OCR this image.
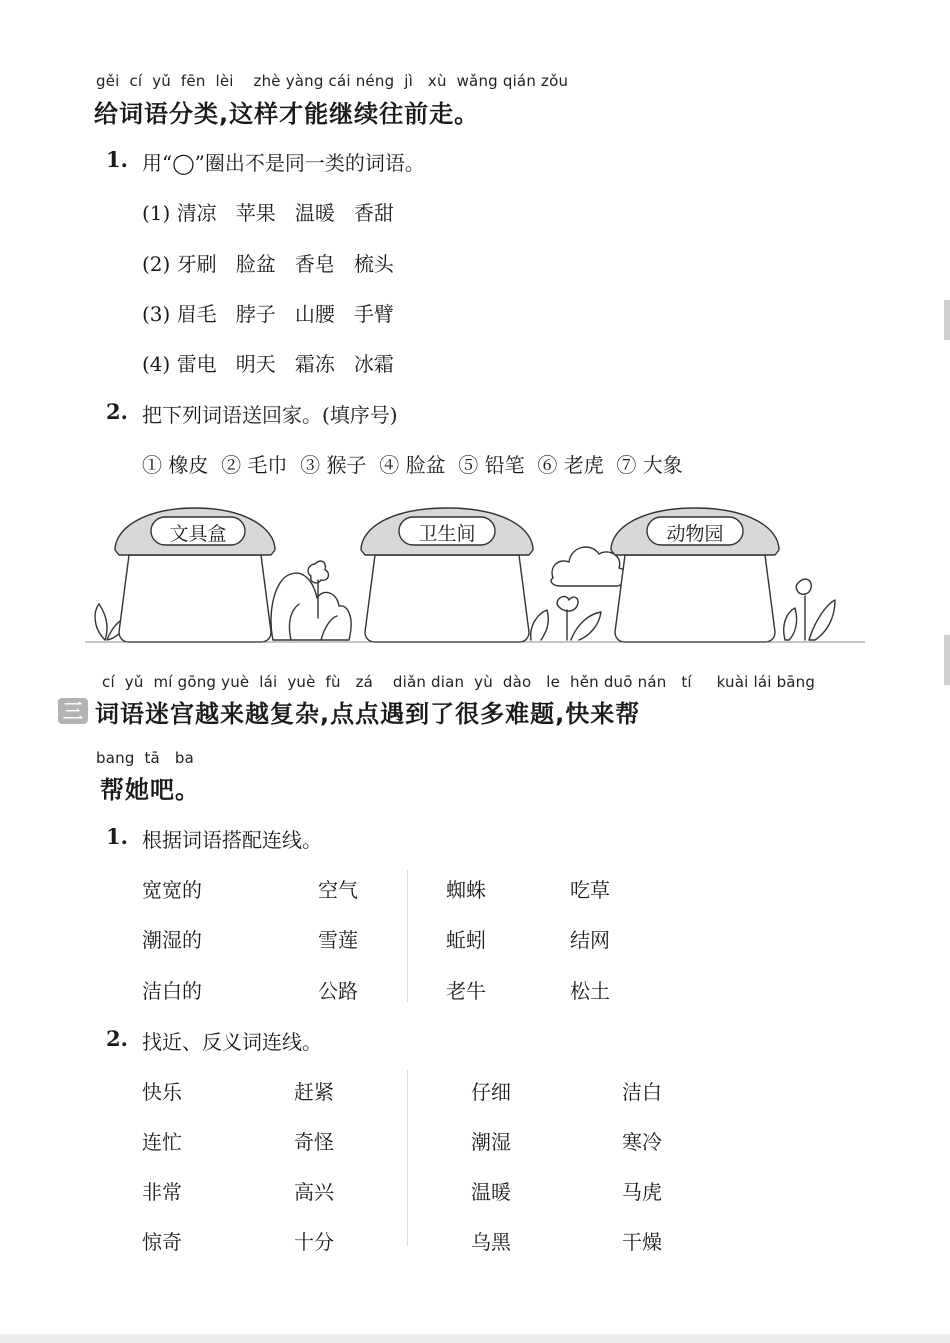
gěi  cí  yǔ  fēn  lèi    zhè yàng cái néng  jì   xù  wǎng qián zǒu
给词语分类,这样才能继续往前走。
1. 用“◯”圈出不是同一类的词语。
(1) 清凉   苹果   温暖   香甜
(2) 牙刷   脸盆   香皂   梳头
(3) 眉毛   脖子   山腰   手臂
(4) 雷电   明天   霜冻   冰霜
2. 把下列词语送回家。(填序号)
① 橡皮  ② 毛巾  ③ 猴子  ④ 脸盆  ⑤ 铅笔  ⑥ 老虎  ⑦ 大象
文具盒	卫生间	动物园
cí  yǔ  mí gōng yuè  lái  yuè  fù   zá    diǎn dian  yù  dào   le  hěn duō nán   tí     kuài lái bāng
三 词语迷宫越来越复杂,点点遇到了很多难题,快来帮
bang  tā   ba
帮她吧。
1. 根据词语搭配连线。
宽宽的
潮湿的
洁白的
空气
雪莲
公路
蜘蛛
蚯蚓
老牛
吃草
结网
松土
2. 找近、反义词连线。
快乐
连忙
非常
惊奇
赶紧
奇怪
高兴
十分
仔细
潮湿
温暖
乌黑
洁白
寒冷
马虎
干燥
